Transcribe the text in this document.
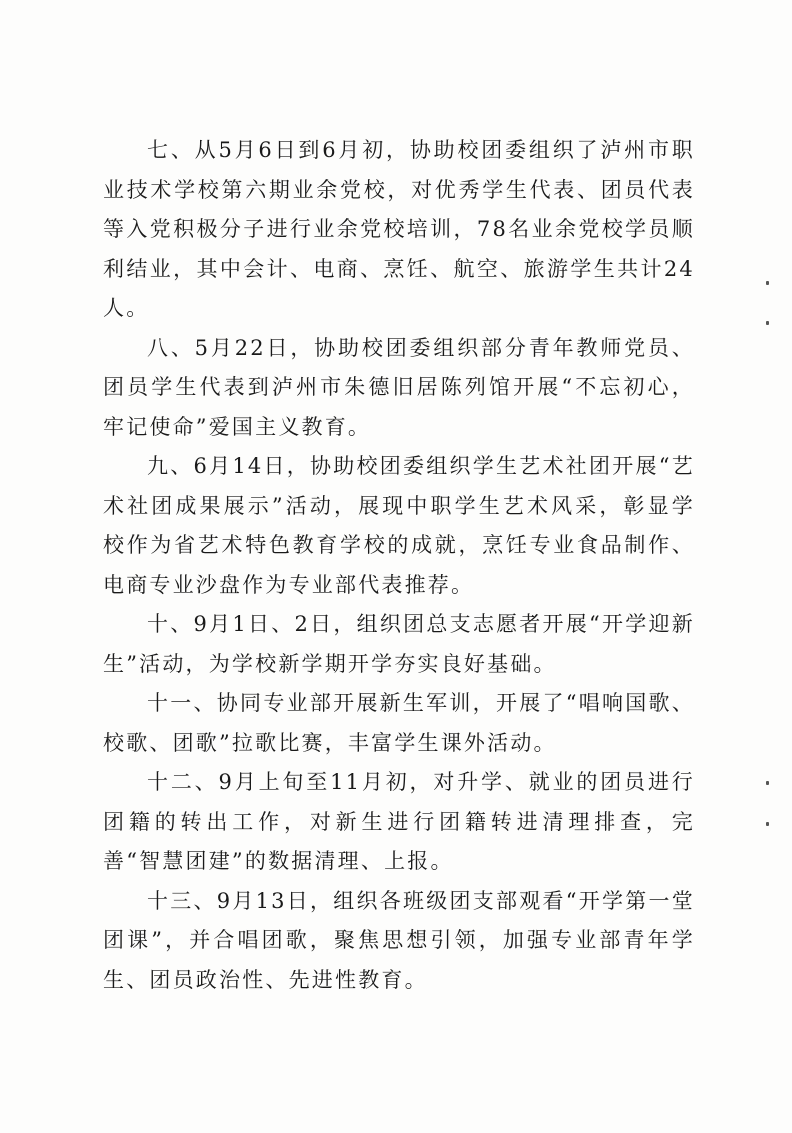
七、从5月6日到6月初，协助校团委组织了泸州市职业技术学校第六期业余党校，对优秀学生代表、团员代表等入党积极分子进行业余党校培训，78名业余党校学员顺利结业，其中会计、电商、烹饪、航空、旅游学生共计24人。

八、5月22日，协助校团委组织部分青年教师党员、团员学生代表到泸州市朱德旧居陈列馆开展“不忘初心，牢记使命”爱国主义教育。

九、6月14日，协助校团委组织学生艺术社团开展“艺术社团成果展示”活动，展现中职学生艺术风采，彰显学校作为省艺术特色教育学校的成就，烹饪专业食品制作、电商专业沙盘作为专业部代表推荐。

十、9月1日、2日，组织团总支志愿者开展“开学迎新生”活动，为学校新学期开学夯实良好基础。

十一、协同专业部开展新生军训，开展了“唱响国歌、校歌、团歌”拉歌比赛，丰富学生课外活动。

十二、9月上旬至11月初，对升学、就业的团员进行团籍的转出工作，对新生进行团籍转进清理排查，完善“智慧团建”的数据清理、上报。

十三、9月13日，组织各班级团支部观看“开学第一堂团课”，并合唱团歌，聚焦思想引领，加强专业部青年学生、团员政治性、先进性教育。
